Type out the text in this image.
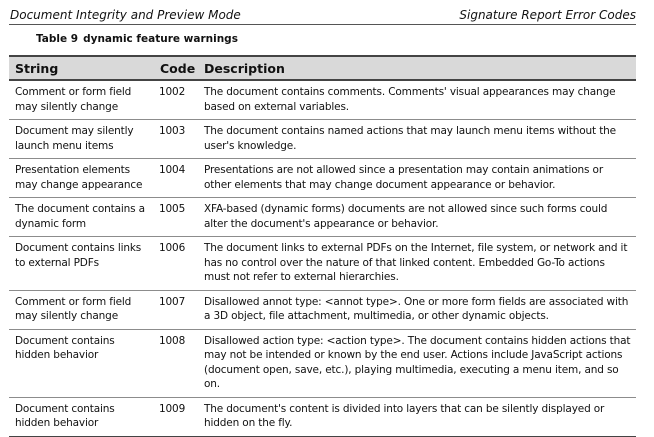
Document Integrity and Preview Mode	Signature Report Error Codes
Table 9 dynamic feature warnings
String	Code	Description
Comment or form field may silently change	1002	The document contains comments. Comments' visual appearances may change based on external variables.
Document may silently launch menu items	1003	The document contains named actions that may launch menu items without the user's knowledge.
Presentation elements may change appearance	1004	Presentations are not allowed since a presentation may contain animations or other elements that may change document appearance or behavior.
The document contains a dynamic form	1005	XFA-based (dynamic forms) documents are not allowed since such forms could alter the document's appearance or behavior.
Document contains links to external PDFs	1006	The document links to external PDFs on the Internet, file system, or network and it has no control over the nature of that linked content. Embedded Go-To actions must not refer to external hierarchies.
Comment or form field may silently change	1007	Disallowed annot type: <annot type>. One or more form fields are associated with a 3D object, file attachment, multimedia, or other dynamic objects.
Document contains hidden behavior	1008	Disallowed action type: <action type>. The document contains hidden actions that may not be intended or known by the end user. Actions include JavaScript actions (document open, save, etc.), playing multimedia, executing a menu item, and so on.
Document contains hidden behavior	1009	The document's content is divided into layers that can be silently displayed or hidden on the fly.
